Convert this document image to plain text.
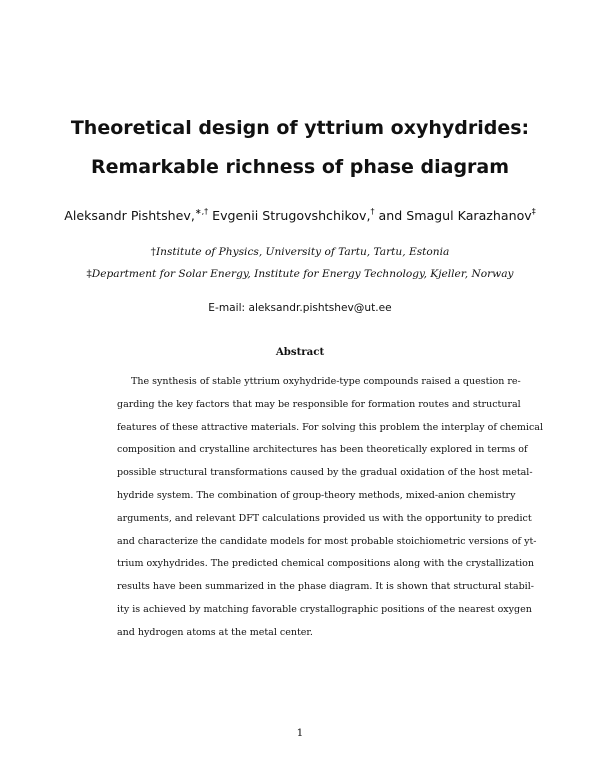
Theoretical design of yttrium oxyhydrides:
Remarkable richness of phase diagram
Aleksandr Pishtshev,∗,† Evgenii Strugovshchikov,† and Smagul Karazhanov‡
†Institute of Physics, University of Tartu, Tartu, Estonia
‡Department for Solar Energy, Institute for Energy Technology, Kjeller, Norway
E-mail: aleksandr.pishtshev@ut.ee
Abstract
The synthesis of stable yttrium oxyhydride-type compounds raised a question re-
garding the key factors that may be responsible for formation routes and structural
features of these attractive materials. For solving this problem the interplay of chemical
composition and crystalline architectures has been theoretically explored in terms of
possible structural transformations caused by the gradual oxidation of the host metal-
hydride system. The combination of group-theory methods, mixed-anion chemistry
arguments, and relevant DFT calculations provided us with the opportunity to predict
and characterize the candidate models for most probable stoichiometric versions of yt-
trium oxyhydrides. The predicted chemical compositions along with the crystallization
results have been summarized in the phase diagram. It is shown that structural stabil-
ity is achieved by matching favorable crystallographic positions of the nearest oxygen
and hydrogen atoms at the metal center.
1
